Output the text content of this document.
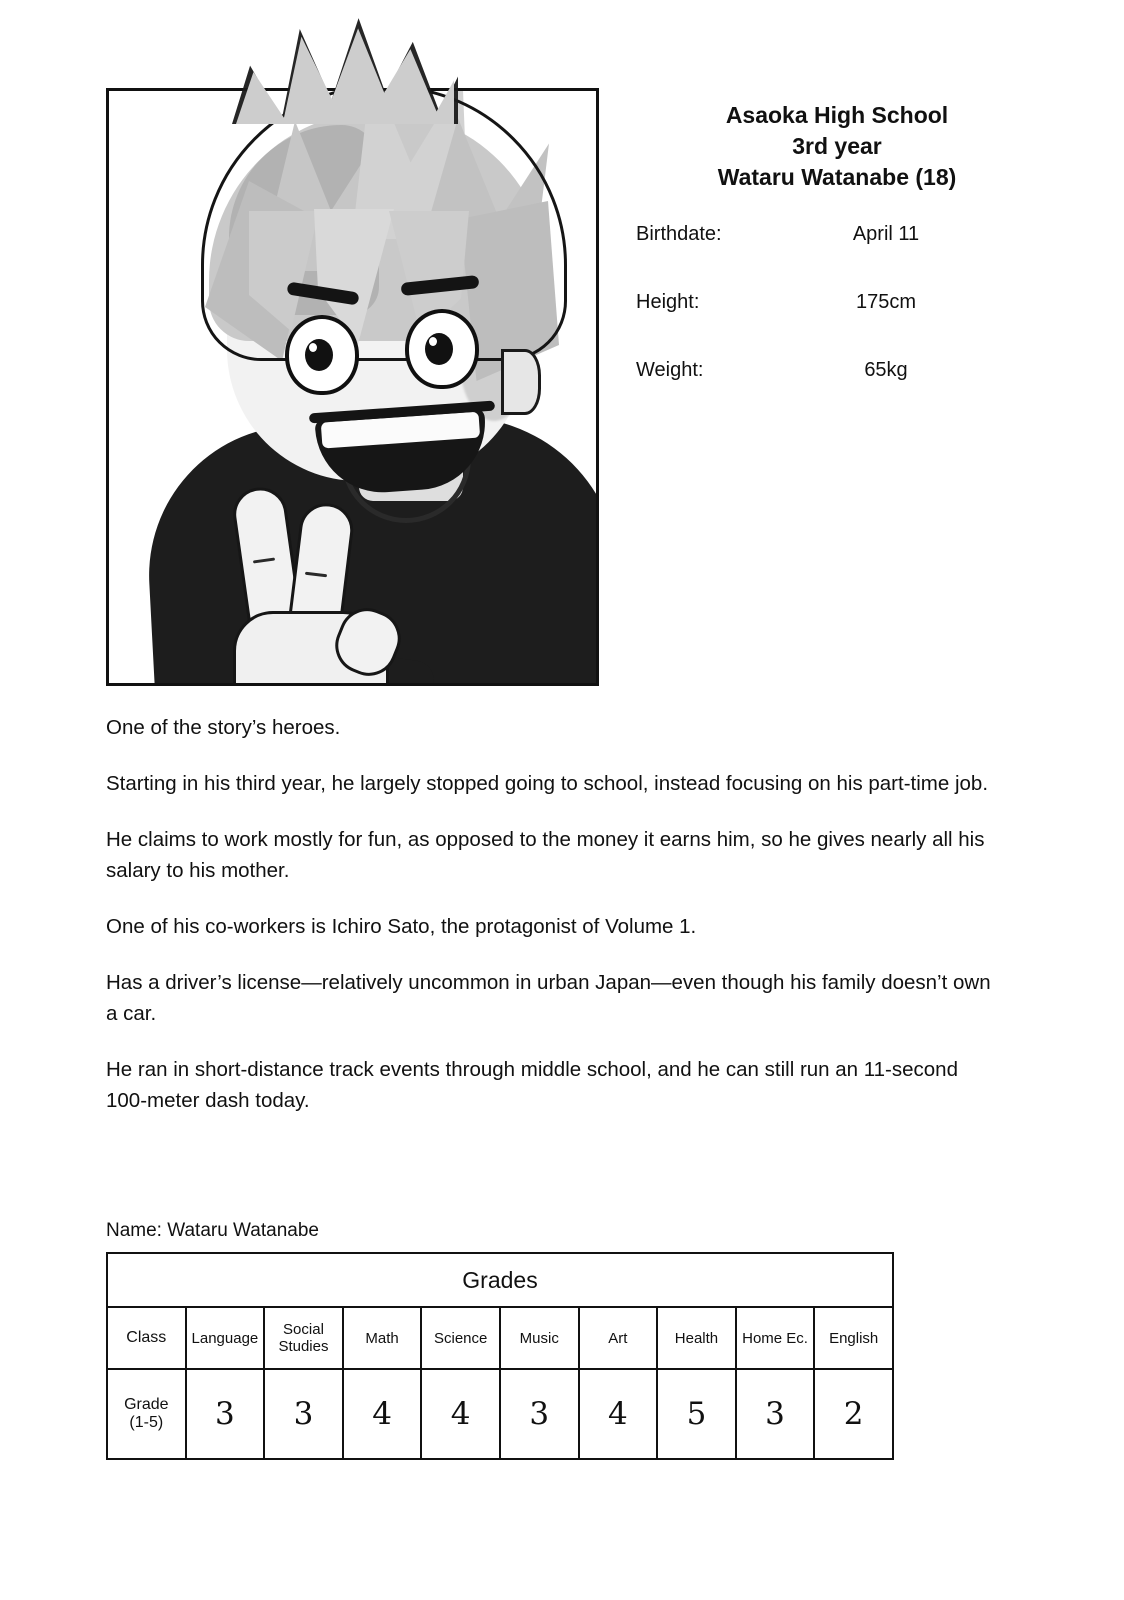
Asaoka High School
3rd year
Wataru Watanabe (18)
Birthdate:	April 11
Height:	175cm
Weight:	65kg

One of the story’s heroes.

Starting in his third year, he largely stopped going to school, instead focusing on his part-time job.

He claims to work mostly for fun, as opposed to the money it earns him, so he gives nearly all his salary to his mother.

One of his co-workers is Ichiro Sato, the protagonist of Volume 1.

Has a driver’s license—relatively uncommon in urban Japan—even though his family doesn’t own a car.

He ran in short-distance track events through middle school, and he can still run an 11-second 100-meter dash today.

Name: Wataru Watanabe
Grades									
Class	Language	Social Studies	Math	Science	Music	Art	Health	Home Ec.	English
Grade
(1-5)	3	3	4	4	3	4	5	3	2
